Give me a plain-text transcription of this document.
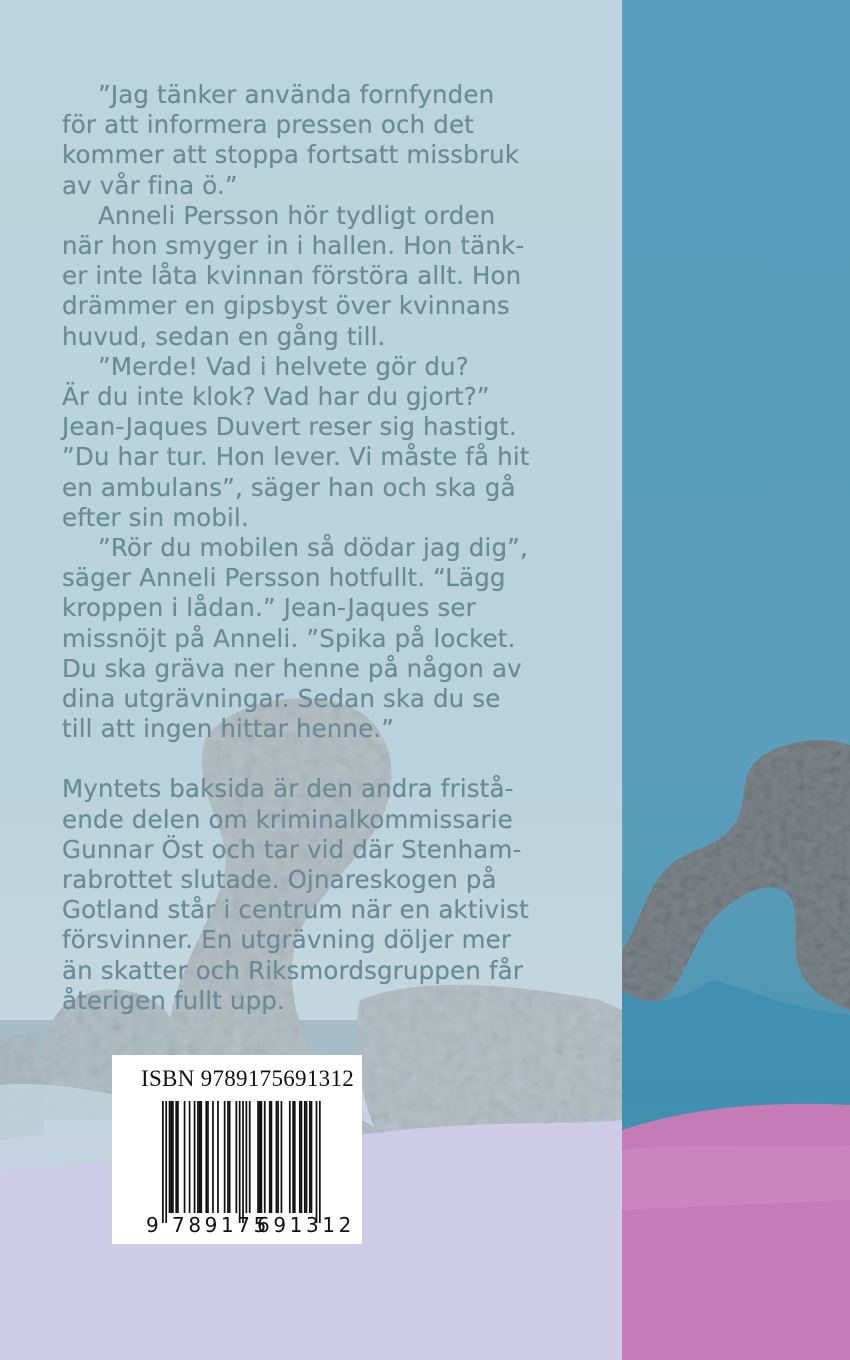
”Jag tänker använda fornfynden

för att informera pressen och det

kommer att stoppa fortsatt missbruk

av vår fina ö.”

Anneli Persson hör tydligt orden

när hon smyger in i hallen. Hon tänk-

er inte låta kvinnan förstöra allt. Hon

drämmer en gipsbyst över kvinnans

huvud, sedan en gång till.

”Merde! Vad i helvete gör du?

Är du inte klok? Vad har du gjort?”

Jean-Jaques Duvert reser sig hastigt.

”Du har tur. Hon lever. Vi måste få hit

en ambulans”, säger han och ska gå

efter sin mobil.

”Rör du mobilen så dödar jag dig”,

säger Anneli Persson hotfullt. “Lägg

kroppen i lådan.” Jean-Jaques ser

missnöjt på Anneli. ”Spika på locket.

Du ska gräva ner henne på någon av

dina utgrävningar. Sedan ska du se

till att ingen hittar henne.”

Myntets baksida är den andra fristå-

ende delen om kriminalkommissarie

Gunnar Öst och tar vid där Stenham-

rabrottet slutade. Ojnareskogen på

Gotland står i centrum när en aktivist

försvinner. En utgrävning döljer mer

än skatter och Riksmordsgruppen får

återigen fullt upp.

ISBN 9789175691312
9 789175
691312
